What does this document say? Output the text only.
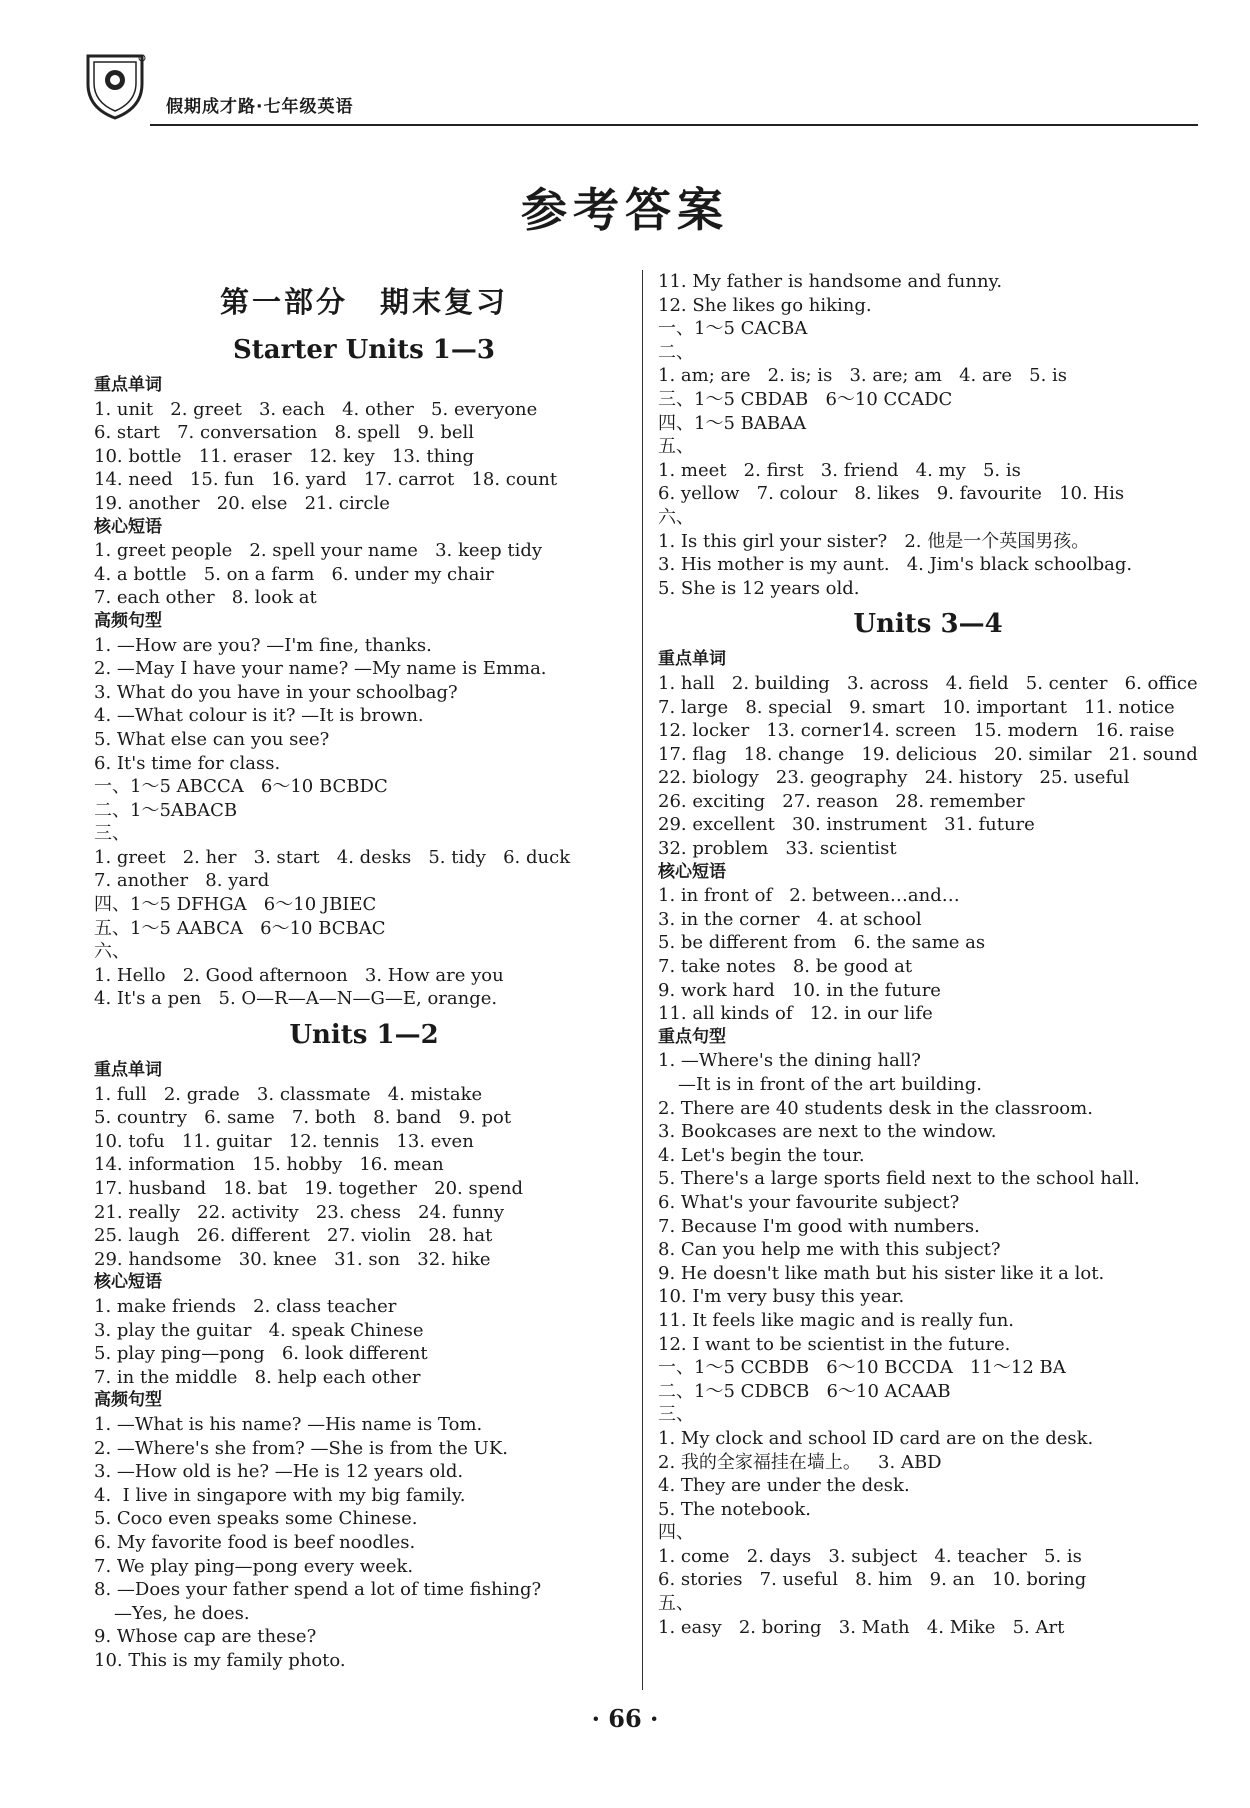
假期成才路·七年级英语
参考答案
第一部分　期末复习
Starter Units 1—3
重点单词
1. unit   2. greet   3. each   4. other   5. everyone
6. start   7. conversation   8. spell   9. bell
10. bottle   11. eraser   12. key   13. thing
14. need   15. fun   16. yard   17. carrot   18. count
19. another   20. else   21. circle
核心短语
1. greet people   2. spell your name   3. keep tidy
4. a bottle   5. on a farm   6. under my chair
7. each other   8. look at
高频句型
1. —How are you? —I'm fine, thanks.
2. —May I have your name? —My name is Emma.
3. What do you have in your schoolbag?
4. —What colour is it? —It is brown.
5. What else can you see?
6. It's time for class.
一、1～5 ABCCA   6～10 BCBDC
二、1～5ABACB
三、
1. greet   2. her   3. start   4. desks   5. tidy   6. duck
7. another   8. yard
四、1～5 DFHGA   6～10 JBIEC
五、1～5 AABCA   6～10 BCBAC
六、
1. Hello   2. Good afternoon   3. How are you
4. It's a pen   5. O—R—A—N—G—E, orange.
Units 1—2
重点单词
1. full   2. grade   3. classmate   4. mistake
5. country   6. same   7. both   8. band   9. pot
10. tofu   11. guitar   12. tennis   13. even
14. information   15. hobby   16. mean
17. husband   18. bat   19. together   20. spend
21. really   22. activity   23. chess   24. funny
25. laugh   26. different   27. violin   28. hat
29. handsome   30. knee   31. son   32. hike
核心短语
1. make friends   2. class teacher
3. play the guitar   4. speak Chinese
5. play ping—pong   6. look different
7. in the middle   8. help each other
高频句型
1. —What is his name? —His name is Tom.
2. —Where's she from? —She is from the UK.
3. —How old is he? —He is 12 years old.
4.  I live in singapore with my big family.
5. Coco even speaks some Chinese.
6. My favorite food is beef noodles.
7. We play ping—pong every week.
8. —Does your father spend a lot of time fishing?
—Yes, he does.
9. Whose cap are these?
10. This is my family photo.
11. My father is handsome and funny.
12. She likes go hiking.
一、1～5 CACBA
二、
1. am; are   2. is; is   3. are; am   4. are   5. is
三、1～5 CBDAB   6～10 CCADC
四、1～5 BABAA
五、
1. meet   2. first   3. friend   4. my   5. is
6. yellow   7. colour   8. likes   9. favourite   10. His
六、
1. Is this girl your sister?   2. 他是一个英国男孩。
3. His mother is my aunt.   4. Jim's black schoolbag.
5. She is 12 years old.
Units 3—4
重点单词
1. hall   2. building   3. across   4. field   5. center   6. office
7. large   8. special   9. smart   10. important   11. notice
12. locker   13. corner14. screen   15. modern   16. raise
17. flag   18. change   19. delicious   20. similar   21. sound
22. biology   23. geography   24. history   25. useful
26. exciting   27. reason   28. remember
29. excellent   30. instrument   31. future
32. problem   33. scientist
核心短语
1. in front of   2. between…and…
3. in the corner   4. at school
5. be different from   6. the same as
7. take notes   8. be good at
9. work hard   10. in the future
11. all kinds of   12. in our life
重点句型
1. —Where's the dining hall?
—It is in front of the art building.
2. There are 40 students desk in the classroom.
3. Bookcases are next to the window.
4. Let's begin the tour.
5. There's a large sports field next to the school hall.
6. What's your favourite subject?
7. Because I'm good with numbers.
8. Can you help me with this subject?
9. He doesn't like math but his sister like it a lot.
10. I'm very busy this year.
11. It feels like magic and is really fun.
12. I want to be scientist in the future.
一、1～5 CCBDB   6～10 BCCDA   11～12 BA
二、1～5 CDBCB   6～10 ACAAB
三、
1. My clock and school ID card are on the desk.
2. 我的全家福挂在墙上。   3. ABD
4. They are under the desk.
5. The notebook.
四、
1. come   2. days   3. subject   4. teacher   5. is
6. stories   7. useful   8. him   9. an   10. boring
五、
1. easy   2. boring   3. Math   4. Mike   5. Art
· 66 ·
